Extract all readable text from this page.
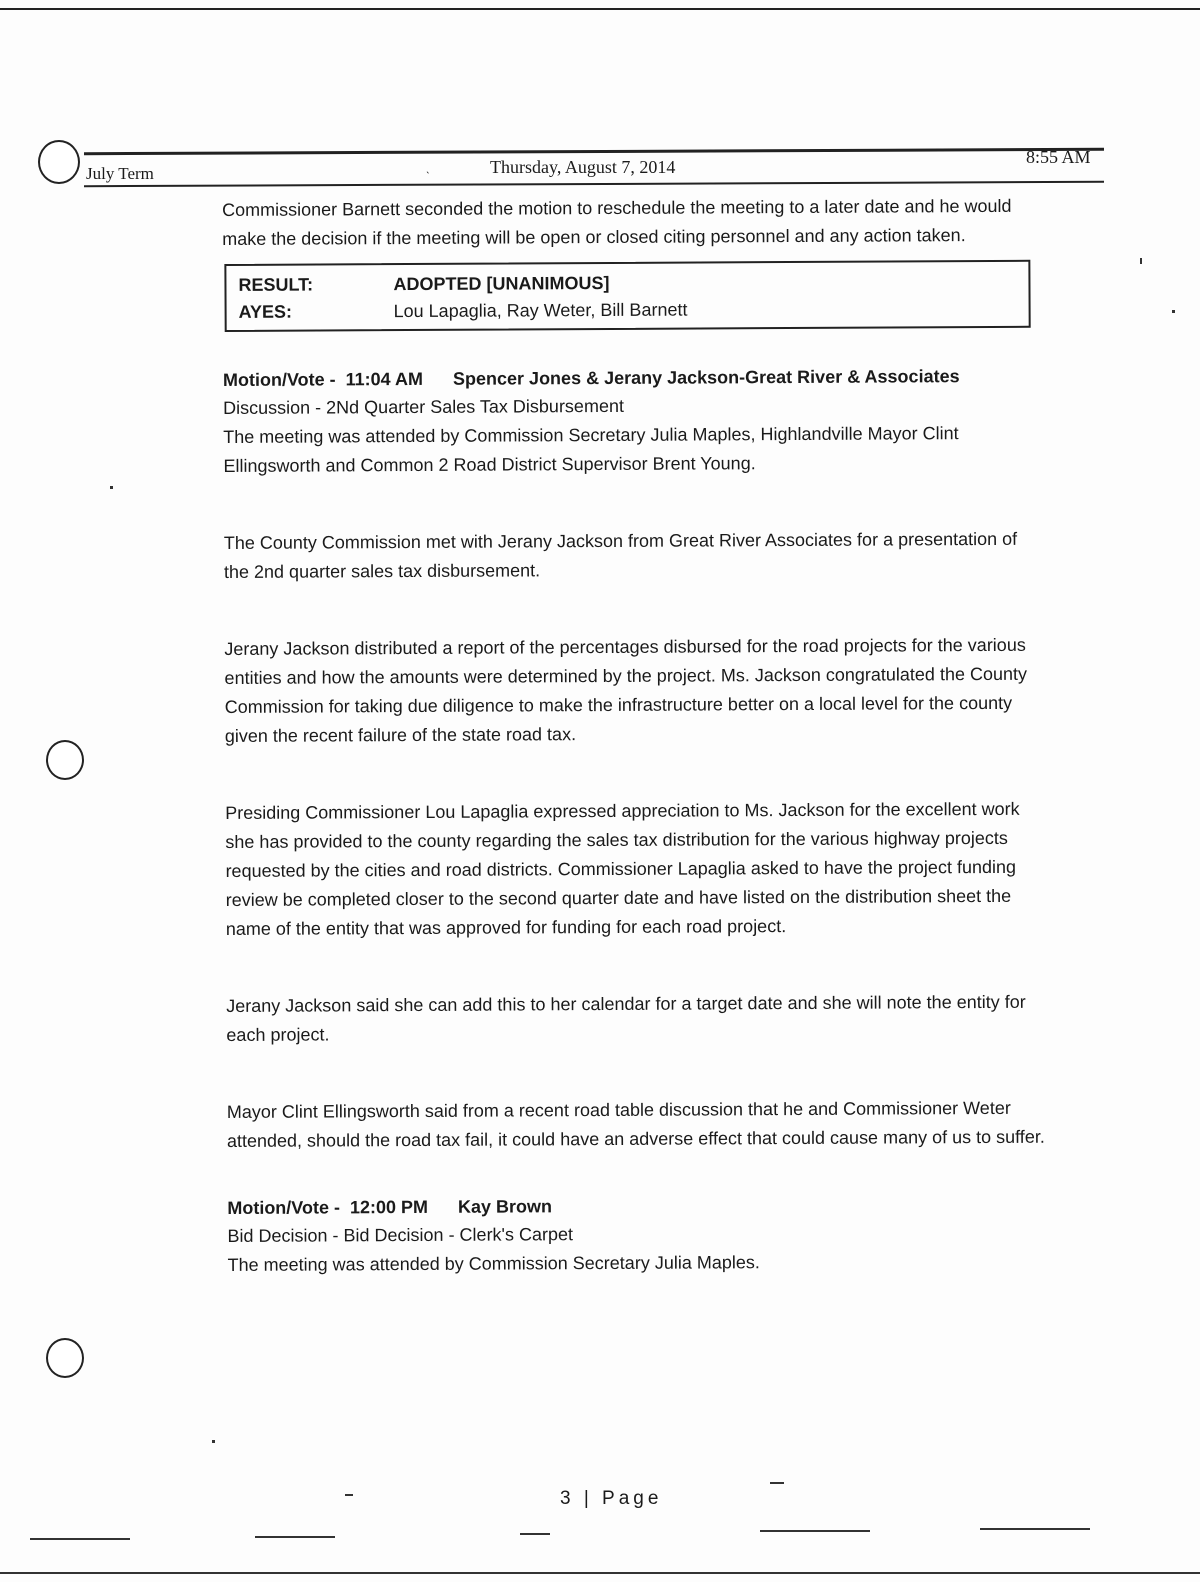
July Term	ˎ	Thursday, August 7, 2014	8:55 AM

Commissioner Barnett seconded the motion to reschedule the meeting to a later date and he would make the decision if the meeting will be open or closed citing personnel and any action taken.

RESULT:	ADOPTED [UNANIMOUS]
AYES:	Lou Lapaglia, Ray Weter, Bill Barnett
Motion/Vote - 11:04 AM Spencer Jones & Jerany Jackson-Great River & Associates

Discussion - 2Nd Quarter Sales Tax Disbursement

The meeting was attended by Commission Secretary Julia Maples, Highlandville Mayor Clint Ellingsworth and Common 2 Road District Supervisor Brent Young.

The County Commission met with Jerany Jackson from Great River Associates for a presentation of the 2nd quarter sales tax disbursement.

Jerany Jackson distributed a report of the percentages disbursed for the road projects for the various entities and how the amounts were determined by the project. Ms. Jackson congratulated the County Commission for taking due diligence to make the infrastructure better on a local level for the county given the recent failure of the state road tax.

Presiding Commissioner Lou Lapaglia expressed appreciation to Ms. Jackson for the excellent work she has provided to the county regarding the sales tax distribution for the various highway projects requested by the cities and road districts. Commissioner Lapaglia asked to have the project funding review be completed closer to the second quarter date and have listed on the distribution sheet the name of the entity that was approved for funding for each road project.

Jerany Jackson said she can add this to her calendar for a target date and she will note the entity for each project.

Mayor Clint Ellingsworth said from a recent road table discussion that he and Commissioner Weter attended, should the road tax fail, it could have an adverse effect that could cause many of us to suffer.

Motion/Vote - 12:00 PM Kay Brown

Bid Decision - Bid Decision - Clerk's Carpet

The meeting was attended by Commission Secretary Julia Maples.

3 | Page
